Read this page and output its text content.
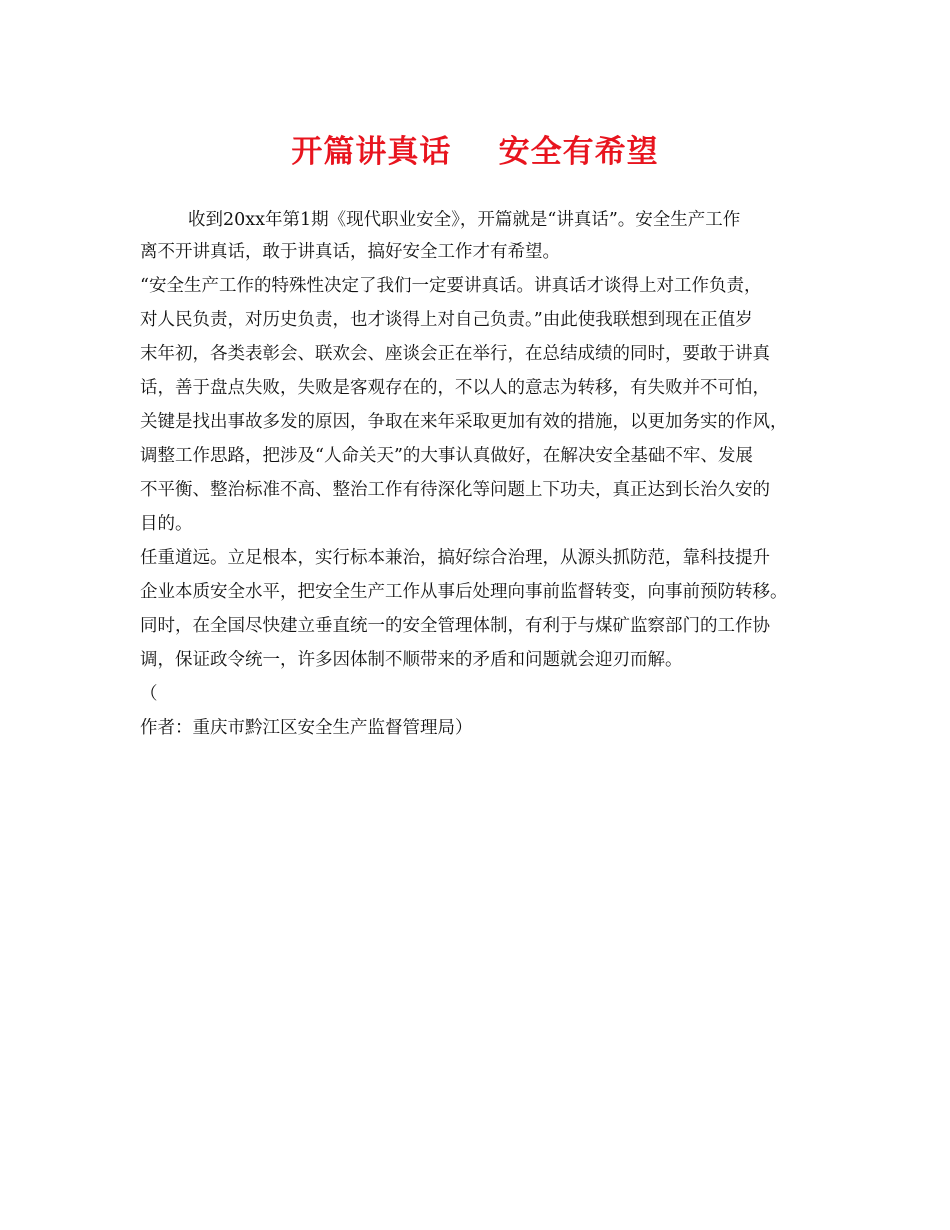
开篇讲真话    安全有希望

收到20xx年第1期《现代职业安全》，开篇就是“讲真话”。安全生产工作

离不开讲真话，敢于讲真话，搞好安全工作才有希望。

“安全生产工作的特殊性决定了我们一定要讲真话。讲真话才谈得上对工作负责，

对人民负责，对历史负责，也才谈得上对自己负责。”由此使我联想到现在正值岁

末年初，各类表彰会、联欢会、座谈会正在举行，在总结成绩的同时，要敢于讲真

话，善于盘点失败，失败是客观存在的，不以人的意志为转移，有失败并不可怕，

关键是找出事故多发的原因，争取在来年采取更加有效的措施，以更加务实的作风，

调整工作思路，把涉及“人命关天”的大事认真做好，在解决安全基础不牢、发展

不平衡、整治标准不高、整治工作有待深化等问题上下功夫，真正达到长治久安的

目的。

任重道远。立足根本，实行标本兼治，搞好综合治理，从源头抓防范，靠科技提升

企业本质安全水平，把安全生产工作从事后处理向事前监督转变，向事前预防转移。

同时，在全国尽快建立垂直统一的安全管理体制，有利于与煤矿监察部门的工作协

调，保证政令统一，许多因体制不顺带来的矛盾和问题就会迎刃而解。

（

作者：重庆市黔江区安全生产监督管理局）
